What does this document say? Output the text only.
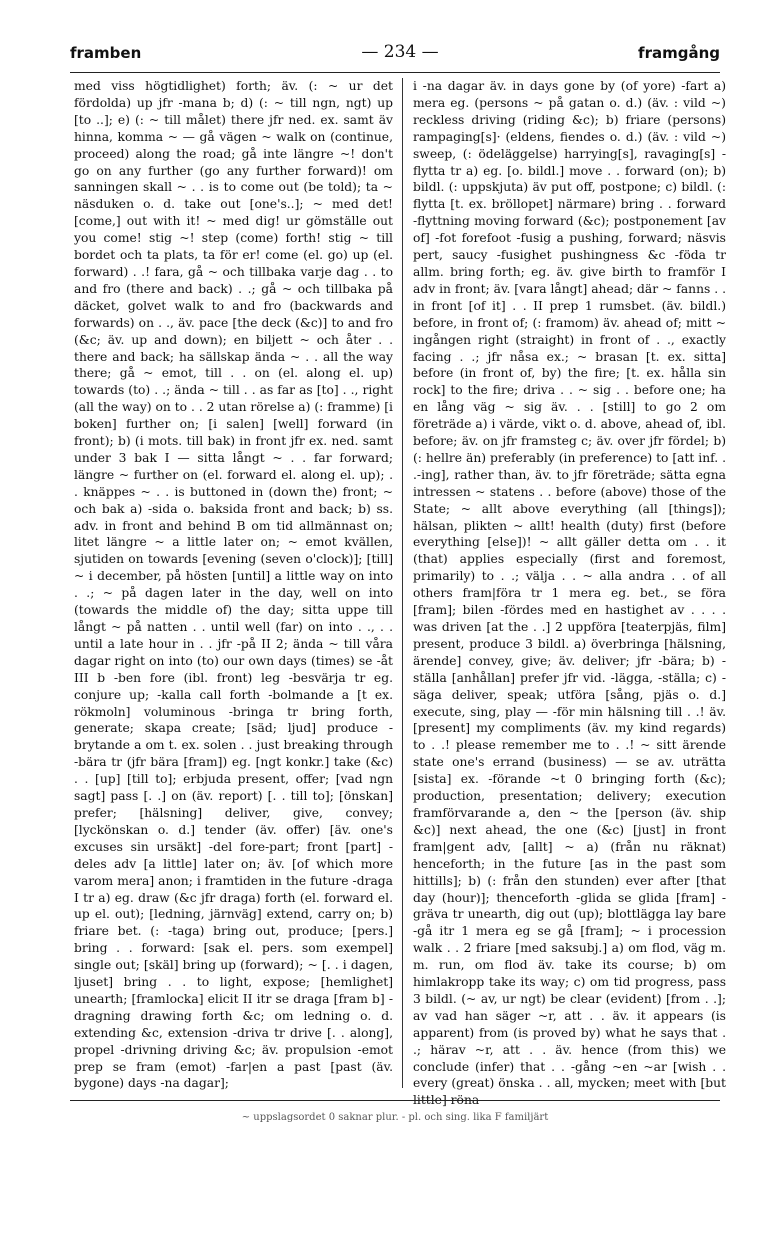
framben	— 234 —	framgång

med viss högtidlighet) forth; äv. (: ~ ur det fördolda) up jfr -mana b; d) (: ~ till ngn, ngt) up [to ..]; e) (: ~ till målet) there jfr ned. ex. samt äv hinna, komma ~ — gå vägen ~ walk on (continue, proceed) along the road; gå inte längre ~! don't go on any further (go any further forward)! om sanningen skall ~ . . is to come out (be told); ta ~ näsduken o. d. take out [one's..]; ~ med det! [come,] out with it! ~ med dig! ur gömställe out you come! stig ~! step (come) forth! stig ~ till bordet och ta plats, ta för er! come (el. go) up (el. forward) . .! fara, gå ~ och tillbaka varje dag . . to and fro (there and back) . .; gå ~ och tillbaka på däcket, golvet walk to and fro (backwards and forwards) on . ., äv. pace [the deck (&c)] to and fro (&c; äv. up and down); en biljett ~ och åter . . there and back; ha sällskap ända ~ . . all the way there; gå ~ emot, till . . on (el. along el. up) towards (to) . .; ända ~ till . . as far as [to] . ., right (all the way) on to . . 2 utan rörelse a) (: framme) [i boken] further on; [i salen] [well] forward (in front); b) (i mots. till bak) in front jfr ex. ned. samt under 3 bak I — sitta långt ~ . . far forward; längre ~ further on (el. forward el. along el. up); . . knäppes ~ . . is buttoned in (down the) front; ~ och bak a) -sida o. baksida front and back; b) ss. adv. in front and behind B om tid allmännast on; litet längre ~ a little later on; ~ emot kvällen, sjutiden on towards [evening (seven o'clock)]; [till] ~ i december, på hösten [until] a little way on into . .; ~ på dagen later in the day, well on into (towards the middle of) the day; sitta uppe till långt ~ på natten . . until well (far) on into . ., . . until a late hour in . . jfr -på II 2; ända ~ till våra dagar right on into (to) our own days (times) se -åt III b -ben fore (ibl. front) leg -besvärja tr eg. conjure up; -kalla call forth -bolmande a [t ex. rökmoln] voluminous -bringa tr bring forth, generate; skapa create; [säd; ljud] produce -brytande a om t. ex. solen . . just breaking through -bära tr (jfr bära [fram]) eg. [ngt konkr.] take (&c) . . [up] [till to]; erbjuda present, offer; [vad ngn sagt] pass [. .] on (äv. report) [. . till to]; [önskan] prefer; [hälsning] deliver, give, convey; [lyckönskan o. d.] tender (äv. offer) [äv. one's excuses sin ursäkt] -del fore-part; front [part] -deles adv [a little] later on; äv. [of which more varom mera] anon; i framtiden in the future -draga I tr a) eg. draw (&c jfr draga) forth (el. forward el. up el. out); [ledning, järnväg] extend, carry on; b) friare bet. (: -taga) bring out, produce; [pers.] bring . . forward: [sak el. pers. som exempel] single out; [skäl] bring up (forward); ~ [. . i dagen, ljuset] bring . . to light, expose; [hemlighet] unearth; [framlocka] elicit II itr se draga [fram b] -dragning drawing forth &c; om ledning o. d. extending &c, extension -driva tr drive [. . along], propel -drivning driving &c; äv. propulsion -emot prep se fram (emot) -far|en a past [past (äv. bygone) days -na dagar];

i -na dagar äv. in days gone by (of yore) -fart a) mera eg. (persons ~ på gatan o. d.) (äv. : vild ~) reckless driving (riding &c); b) friare (persons) rampaging[s]· (eldens, fiendes o. d.) (äv. : vild ~) sweep, (: ödeläggelse) harrying[s], ravaging[s] -flytta tr a) eg. [o. bildl.] move . . forward (on); b) bildl. (: uppskjuta) äv put off, postpone; c) bildl. (: flytta [t. ex. bröllopet] närmare) bring . . forward -flyttning moving forward (&c); postponement [av of] -fot forefoot -fusig a pushing, forward; näsvis pert, saucy -fusighet pushingness &c -föda tr allm. bring forth; eg. äv. give birth to framför I adv in front; äv. [vara långt] ahead; där ~ fanns . . in front [of it] . . II prep 1 rumsbet. (äv. bildl.) before, in front of; (: framom) äv. ahead of; mitt ~ ingången right (straight) in front of . ., exactly facing . .; jfr nåsa ex.; ~ brasan [t. ex. sitta] before (in front of, by) the fire; [t. ex. hålla sin rock] to the fire; driva . . ~ sig . . before one; ha en lång väg ~ sig äv. . . [still] to go 2 om företräde a) i värde, vikt o. d. above, ahead of, ibl. before; äv. on jfr framsteg c; äv. over jfr fördel; b) (: hellre än) preferably (in preference) to [att inf. . .-ing], rather than, äv. to jfr företräde; sätta egna intressen ~ statens . . before (above) those of the State; ~ allt above everything (all [things]); hälsan, plikten ~ allt! health (duty) first (before everything [else])! ~ allt gäller detta om . . it (that) applies especially (first and foremost, primarily) to . .; välja . . ~ alla andra . . of all others fram|föra tr 1 mera eg. bet., se föra [fram]; bilen -fördes med en hastighet av . . . . was driven [at the . .] 2 uppföra [teaterpjäs, film] present, produce 3 bildl. a) överbringa [hälsning, ärende] convey, give; äv. deliver; jfr -bära; b) -ställa [anhållan] prefer jfr vid. -lägga, -ställa; c) -säga deliver, speak; utföra [sång, pjäs o. d.] execute, sing, play — -för min hälsning till . .! äv. [present] my compliments (äv. my kind regards) to . .! please remember me to . .! ~ sitt ärende state one's errand (business) — se av. uträtta [sista] ex. -förande ~t 0 bringing forth (&c); production, presentation; delivery; execution framförvarande a, den ~ the [person (äv. ship &c)] next ahead, the one (&c) [just] in front fram|gent adv, [allt] ~ a) (från nu räknat) henceforth; in the future [as in the past som hittills]; b) (: från den stunden) ever after [that day (hour)]; thenceforth -glida se glida [fram] -gräva tr unearth, dig out (up); blottlägga lay bare -gå itr 1 mera eg se gå [fram]; ~ i procession walk . . 2 friare [med saksubj.] a) om flod, väg m. m. run, om flod äv. take its course; b) om himlakropp take its way; c) om tid progress, pass 3 bildl. (~ av, ur ngt) be clear (evident) [from . .]; av vad han säger ~r, att . . äv. it appears (is apparent) from (is proved by) what he says that . .; härav ~r, att . . äv. hence (from this) we conclude (infer) that . . -gång ~en ~ar [wish . . every (great) önska . . all, mycken; meet with [but little] röna

~ uppslagsordet 0 saknar plur. - pl. och sing. lika F familjärt
